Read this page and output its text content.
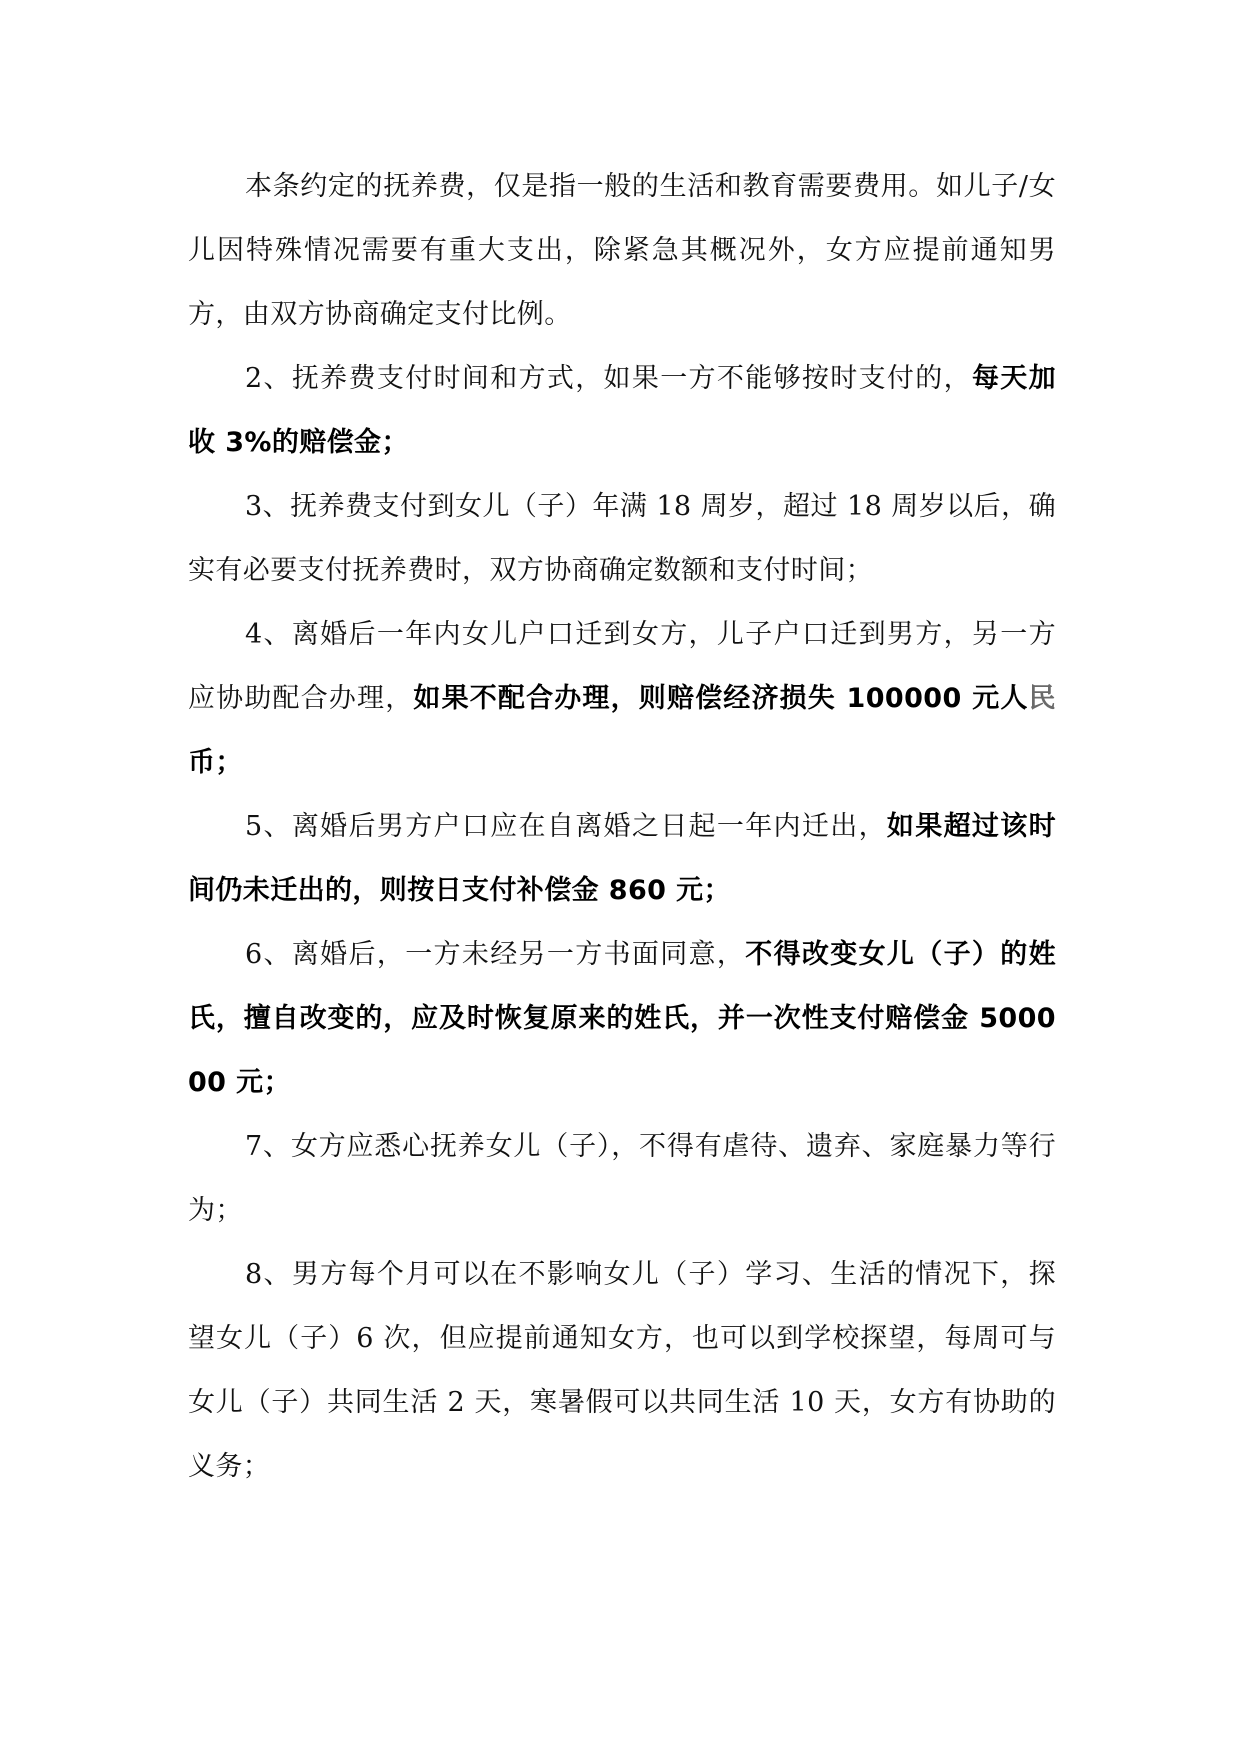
本条约定的抚养费，仅是指一般的生活和教育需要费用。如儿子/女儿因特殊情况需要有重大支出，除紧急其概况外，女方应提前通知男方，由双方协商确定支付比例。

2、抚养费支付时间和方式，如果一方不能够按时支付的，每天加收 3%的赔偿金；

3、抚养费支付到女儿（子）年满 18 周岁，超过 18 周岁以后，确实有必要支付抚养费时，双方协商确定数额和支付时间；

4、离婚后一年内女儿户口迁到女方，儿子户口迁到男方，另一方应协助配合办理，如果不配合办理，则赔偿经济损失 100000 元人民币；

5、离婚后男方户口应在自离婚之日起一年内迁出，如果超过该时间仍未迁出的，则按日支付补偿金 860 元；

6、离婚后，一方未经另一方书面同意，不得改变女儿（子）的姓氏，擅自改变的，应及时恢复原来的姓氏，并一次性支付赔偿金 500000 元；

7、女方应悉心抚养女儿（子），不得有虐待、遗弃、家庭暴力等行为；

8、男方每个月可以在不影响女儿（子）学习、生活的情况下，探望女儿（子）6 次，但应提前通知女方，也可以到学校探望，每周可与女儿（子）共同生活 2 天，寒暑假可以共同生活 10 天，女方有协助的义务；
